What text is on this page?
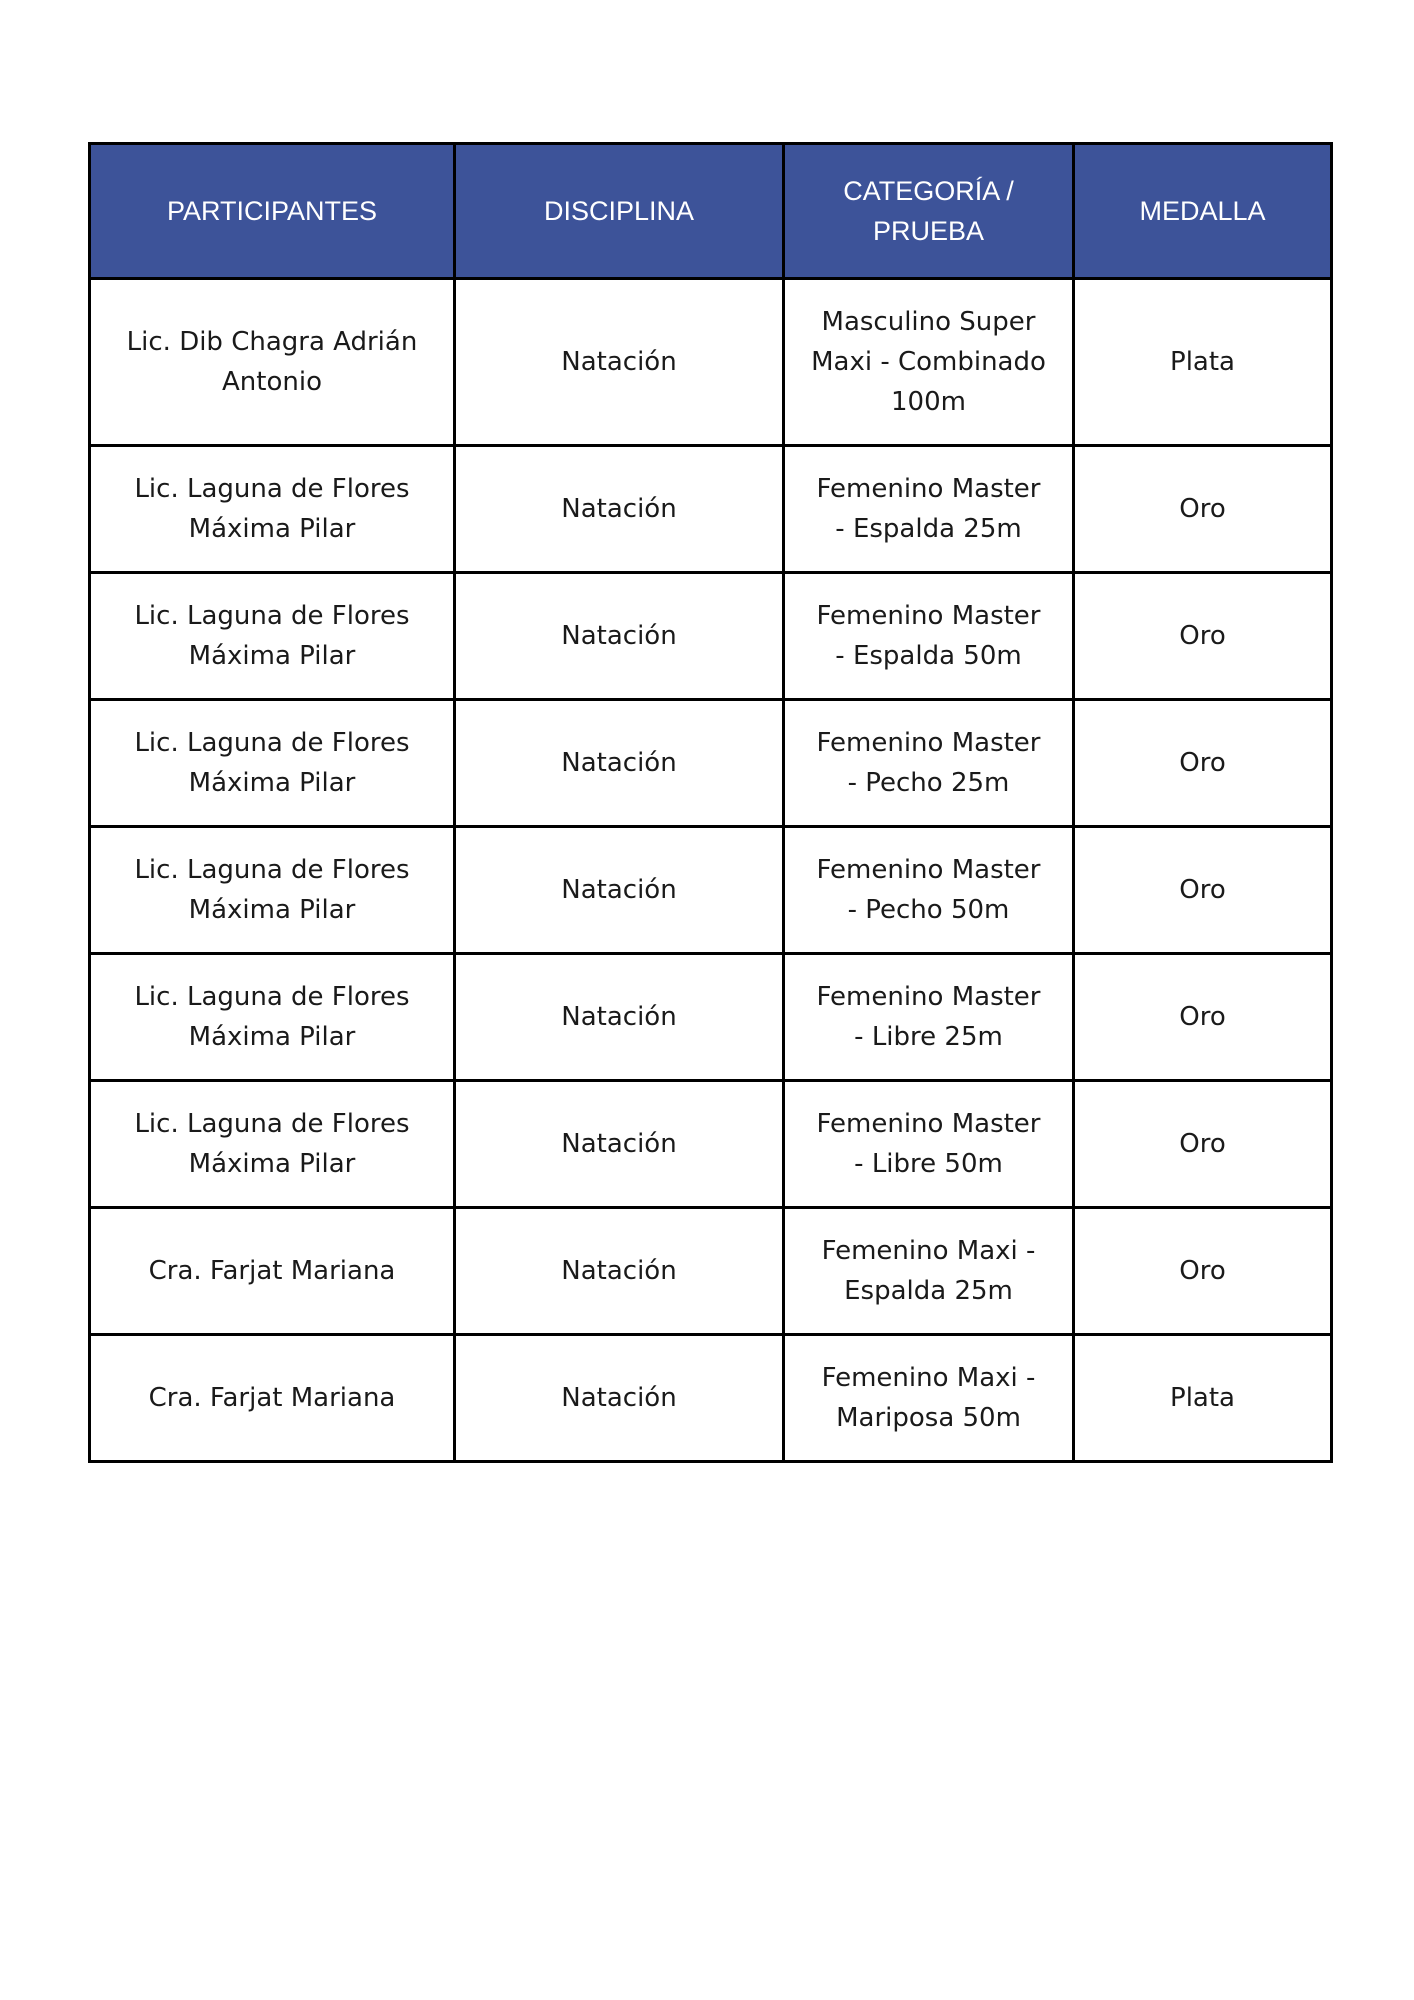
PARTICIPANTES	DISCIPLINA	CATEGORÍA / PRUEBA	MEDALLA
Lic. Dib Chagra Adrián Antonio	Natación	Masculino Super Maxi - Combinado 100m	Plata
Lic. Laguna de Flores Máxima Pilar	Natación	Femenino Master - Espalda 25m	Oro
Lic. Laguna de Flores Máxima Pilar	Natación	Femenino Master - Espalda 50m	Oro
Lic. Laguna de Flores Máxima Pilar	Natación	Femenino Master - Pecho 25m	Oro
Lic. Laguna de Flores Máxima Pilar	Natación	Femenino Master - Pecho 50m	Oro
Lic. Laguna de Flores Máxima Pilar	Natación	Femenino Master - Libre 25m	Oro
Lic. Laguna de Flores Máxima Pilar	Natación	Femenino Master - Libre 50m	Oro
Cra. Farjat Mariana	Natación	Femenino Maxi - Espalda 25m	Oro
Cra. Farjat Mariana	Natación	Femenino Maxi - Mariposa 50m	Plata
